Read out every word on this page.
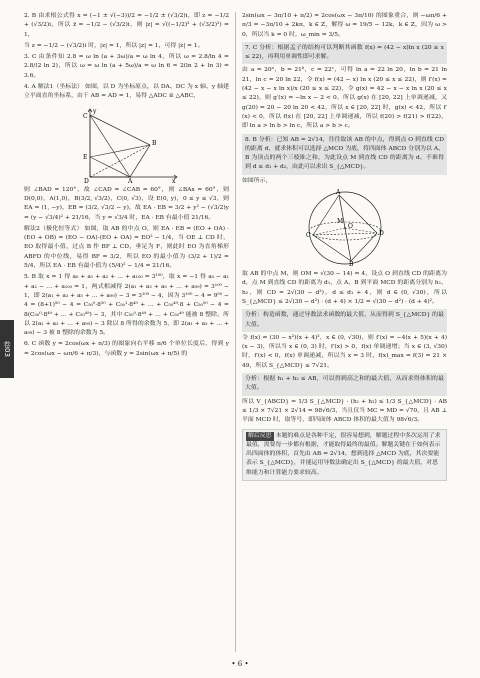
卷03

2. B 由求根公式得 x = (−1 ± √(−3))/2 = −1/2 ± (√3/2)i，即 z = −1/2 + (√3/2)i，所以 z̄ = −1/2 − (√3/2)i，则 |z| = √((−1/2)² + (√3/2)²) = 1，

当 z = −1/2 − (√3/2)i 时，|z| = 1，所以 |z| = 1，可得 |z| = 1。

3. C 由条件知 2.8 = ω ln (a + 3ω)/a = ω ln 4，所以 ω = 2.8/ln 4 = 2.8/(2 ln 2)，所以 ω = ω ln (a + 5ω)/a = ω ln 6 ≈ 2(ln 2 + ln 3) = 3.6。

4. A 解法1（坐标法） 如图，以 D 为坐标原点，以 DA、DC 为 x 轴、y 轴建立平面直角坐标系，由于 AB = AD = 1，易得 △ADC ≌ △ABC，

y
B
C
E
D	A	x

则 ∠BAD = 120°，故 ∠CAD = ∠CAB = 60°，则 ∠BAx = 60°，则 D(0,0)，A(1,0)，B(3/2, √3/2)，C(0, √3)，设 E(0, y)，0 ≤ y ≤ √3，则 EA = (1, −y)，EB = (3/2, √3/2 − y)，故 EA · EB = 3/2 + y² − (√3/2)y = (y − √3/4)² + 21/16，当 y = √3/4 时，EA · EB 有最小值 21/16。

解法2（极化恒等式） 如图，取 AB 的中点 O，则 EA · EB = (EO + OA) · (EO + OB) = (EO − OA)·(EO + OA) = EO² − 1/4，当 OE ⊥ CD 时，EO 取得最小值，过点 B 作 BF ⊥ CD，垂足为 F，则此时 EO 为直角梯形 ABFD 的中位线，易得 BF = 3/2，所以 EO 的最小值为 (3/2 + 1)/2 = 5/4，所以 EA · EB 有最小值为 (5/4)² − 1/4 = 21/16。

5. B 取 x = 1 得 a₀ + a₁ + a₂ + … + a₁₀₀ = 3¹⁰⁰，取 x = −1 得 a₀ − a₁ + a₂ − … + a₁₀₀ = 1，两式相减得 2(a₁ + a₃ + a₅ + … + a₉₉) = 3¹⁰⁰ − 1，即 2(a₁ + a₃ + a₅ + … + a₉₉) − 3 = 3¹⁰⁰ − 4，因为 3¹⁰⁰ − 4 = 9⁵⁰ − 4 = (8+1)⁵⁰ − 4 = C₅₀⁰·8⁵⁰ + C₅₀¹·8⁴⁹ + … + C₅₀⁴⁹·8 + C₅₀⁵⁰ − 4 = 8(C₅₀⁰·8⁴⁹ + … + C₅₀⁴⁹) − 3，其中 C₅₀⁰·8⁴⁹ + … + C₅₀⁴⁹ 能被 8 整除，所以 2(a₁ + a₃ + … + a₉₉) − 3 除以 8 所得的余数为 5，即 2(a₁ + a₃ + … + a₉₉) − 3 被 8 整除的余数为 5。

6. C 函数 y = 2cos(ωx + π/3) 的图象向右平移 π/6 个单位长度后，得到 y = 2cos(ωx − ωπ/6 + π/3)，与函数 y = 2sin(ωx + π/5) 的

2sin(ωx − 3π/10 + π/2) = 2cos(ωx − 3π/10) 的图象重合，则 −ωπ/6 + π/3 = −3π/10 + 2kπ，k ∈ Z，解得 ω = 19/5 − 12k，k ∈ Z，因为 ω > 0，所以当 k = 0 时，ω_min = 3/5。

7. C 分析：根据孟子的结构可以判断其函数 f(x) = (42 − x)ln x (20 ≤ x ≤ 22)，再利用单调性即可求解。

由 a = 20ᵃ，b = 21ᵇ，c = 22ᶜ，可得 ln a = 22 ln 20，ln b = 21 ln 21，ln c = 20 ln 22，令 f(x) = (42 − x) ln x (20 ≤ x ≤ 22)，则 f′(x) = (42 − x − x ln x)/x (20 ≤ x ≤ 22)，令 g(x) = 42 − x − x ln x (20 ≤ x ≤ 22)，则 g′(x) = −ln x − 2 < 0，所以 g(x) 在 [20, 22] 上单调递减，又 g(20) = 20 − 20 ln 20 < 42，所以 x ∈ [20, 22] 时，g(x) < 42，所以 f′(x) < 0，所以 f(x) 在 [20, 22] 上单调递减，所以 f(20) > f(21) > f(22)，即 ln a > ln b > ln c，所以 a > b > c。

8. B 分析：已知 AB = 2√14，往往取该 AB 的中点，得到点 O 到直线 CD 的距离 d，就求体积可以选择 △MCD 为底，将四面体 ABCD 分别为以 A、B 为顶点的两个三棱锥之和，为此设点 M 到直线 CD 的距离为 d，不难得到 d ≤ d₁ + d₂，由此可以求出 S_{△MCD}。

如图所示，

A
M
O
C	D
B

取 AB 的中点 M，则 OM = √(30 − 14) = 4，设点 O 到直线 CD 的距离为 d，点 M 到直线 CD 的距离为 d₁，点 A、B 到平面 MCD 的距离分别为 h₁、h₂，则 CD = 2√(30 − d²)，d ≤ d₁ + 4，则 d ∈ (0, √30)，所以 S_{△MCD} ≤ 2√(30 − d²) · (d + 4) × 1/2 = √(30 − d²) · (d + 4)²。

分析：构造函数，通过导数法求函数的最大值，从而得到 S_{△MCD} 的最大值。

令 f(x) = (30 − x²)(x + 4)²，x ∈ (0, √30)，则 f′(x) = −4(x + 5)(x + 4)(x − 3)，所以当 x ∈ (0, 3) 时，f′(x) > 0，f(x) 单调递增；当 x ∈ (3, √30) 时，f′(x) < 0，f(x) 单调递减，所以当 x = 3 时，f(x)_max = f(3) = 21 × 49，所以 S_{△MCD} ≤ 7√21。

分析：根据 h₁ + h₂ ≤ AB，可以得到高之和的最大值，从而求得体积的最大值。

所以 V_{ABCD} = 1/3 S_{△MCD} · (h₁ + h₂) ≤ 1/3 S_{△MCD} · AB ≤ 1/3 × 7√21 × 2√14 = 98√6/3，当且仅当 MC = MD = √70，且 AB ⊥ 平面 MCD 时，取等号，即四面体 ABCD 体积的最大值为 98√6/3。

解后反思 本题的难点是各种不定，很容易想到，解题过程中多次运用了求最值，需要每一步都有根据，才能取得最终的最值。解题关键在于如何表示出四面体的体积，首先由 AB = 2√14，想到选择 △MCD 为底，其次要能表示 S_{△MCD}，并能运用导数法确定出 S_{△MCD} 的最大值，对思维能力和计算能力要求较高。
• 6 •
